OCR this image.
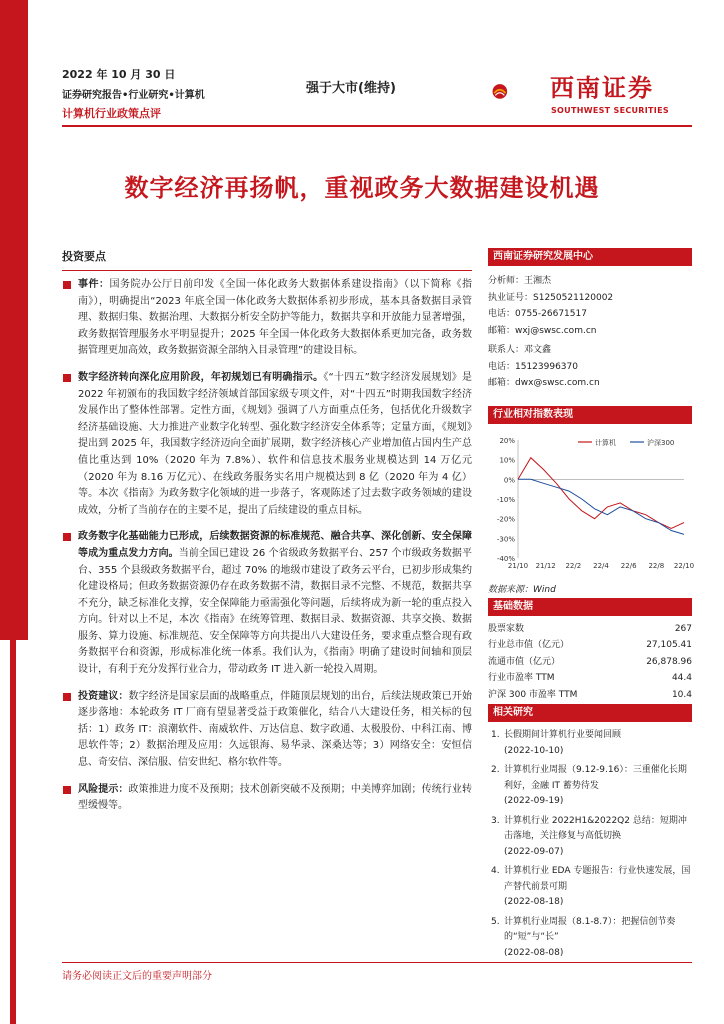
2022 年 10 月 30 日
证券研究报告•行业研究•计算机
计算机行业政策点评
强于大市(维持)	西南证券
SOUTHWEST SECURITIES
数字经济再扬帆，重视政务大数据建设机遇
投资要点
事件：国务院办公厅日前印发《全国一体化政务大数据体系建设指南》（以下简称《指南》），明确提出“2023 年底全国一体化政务大数据体系初步形成，基本具备数据目录管理、数据归集、数据治理、大数据分析安全防护等能力，数据共享和开放能力显著增强，政务数据管理服务水平明显提升；2025 年全国一体化政务大数据体系更加完备，政务数据管理更加高效，政务数据资源全部纳入目录管理”的建设目标。
数字经济转向深化应用阶段，年初规划已有明确指示。《“十四五”数字经济发展规划》是 2022 年初颁布的我国数字经济领域首部国家级专项文件，对“十四五”时期我国数字经济发展作出了整体性部署。定性方面，《规划》强调了八方面重点任务，包括优化升级数字经济基础设施、大力推进产业数字化转型、强化数字经济安全体系等；定量方面，《规划》提出到 2025 年，我国数字经济迈向全面扩展期，数字经济核心产业增加值占国内生产总值比重达到 10%（2020 年为 7.8%）、软件和信息技术服务业规模达到 14 万亿元（2020 年为 8.16 万亿元）、在线政务服务实名用户规模达到 8 亿（2020 年为 4 亿）等。本次《指南》为政务数字化领域的进一步落子，客观陈述了过去数字政务领域的建设成效，分析了当前存在的主要不足，提出了后续建设的重点目标。
政务数字化基础能力已形成，后续数据资源的标准规范、融合共享、深化创新、安全保障等成为重点发力方向。当前全国已建设 26 个省级政务数据平台、257 个市级政务数据平台、355 个县级政务数据平台，超过 70% 的地级市建设了政务云平台，已初步形成集约化建设格局；但政务数据资源仍存在政务数据不清，数据目录不完整、不规范，数据共享不充分，缺乏标准化支撑，安全保障能力亟需强化等问题，后续将成为新一轮的重点投入方向。针对以上不足，本次《指南》在统筹管理、数据目录、数据资源、共享交换、数据服务、算力设施、标准规范、安全保障等方向共提出八大建设任务，要求重点整合现有政务数据平台和资源，形成标准化统一体系。我们认为，《指南》明确了建设时间轴和顶层设计，有利于充分发挥行业合力，带动政务 IT 进入新一轮投入周期。
投资建议：数字经济是国家层面的战略重点，伴随顶层规划的出台，后续法规政策已开始逐步落地：本轮政务 IT 厂商有望显著受益于政策催化，结合八大建设任务，相关标的包括：1）政务 IT：浪潮软件、南威软件、万达信息、数字政通、太极股份、中科江南、博思软件等；2）数据治理及应用：久远银海、易华录、深桑达等；3）网络安全：安恒信息、奇安信、深信服、信安世纪、格尔软件等。
风险提示：政策推进力度不及预期；技术创新突破不及预期；中美博弈加剧；传统行业转型缓慢等。
西南证券研究发展中心
分析师：王湘杰
执业证号：S1250521120002
电话：0755-26671517
邮箱：wxj@swsc.com.cn
联系人：邓文鑫
电话：15123996370
邮箱：dwx@swsc.com.cn
行业相对指数表现
20%
10%
0%
-10%
-20%
-30%
-40%
21/10 21/12 22/2 22/4 22/6 22/8 22/10
计算机	沪深300
数据来源：Wind
基础数据
股票家数	267
行业总市值（亿元）	27,105.41
流通市值（亿元）	26,878.96
行业市盈率 TTM	44.4
沪深 300 市盈率 TTM	10.4
相关研究
1. 长假期间计算机行业要闻回顾
(2022-10-10)
2. 计算机行业周报（9.12-9.16）：三重催化长期利好，金融 IT 蓄势待发
(2022-09-19)
3. 计算机行业 2022H1&2022Q2 总结：短期冲击落地，关注修复与高低切换
(2022-09-07)
4. 计算机行业 EDA 专题报告：行业快速发展，国产替代前景可期
(2022-08-18)
5. 计算机行业周报（8.1-8.7）：把握信创节奏的“短”与“长”
(2022-08-08)
请务必阅读正文后的重要声明部分
